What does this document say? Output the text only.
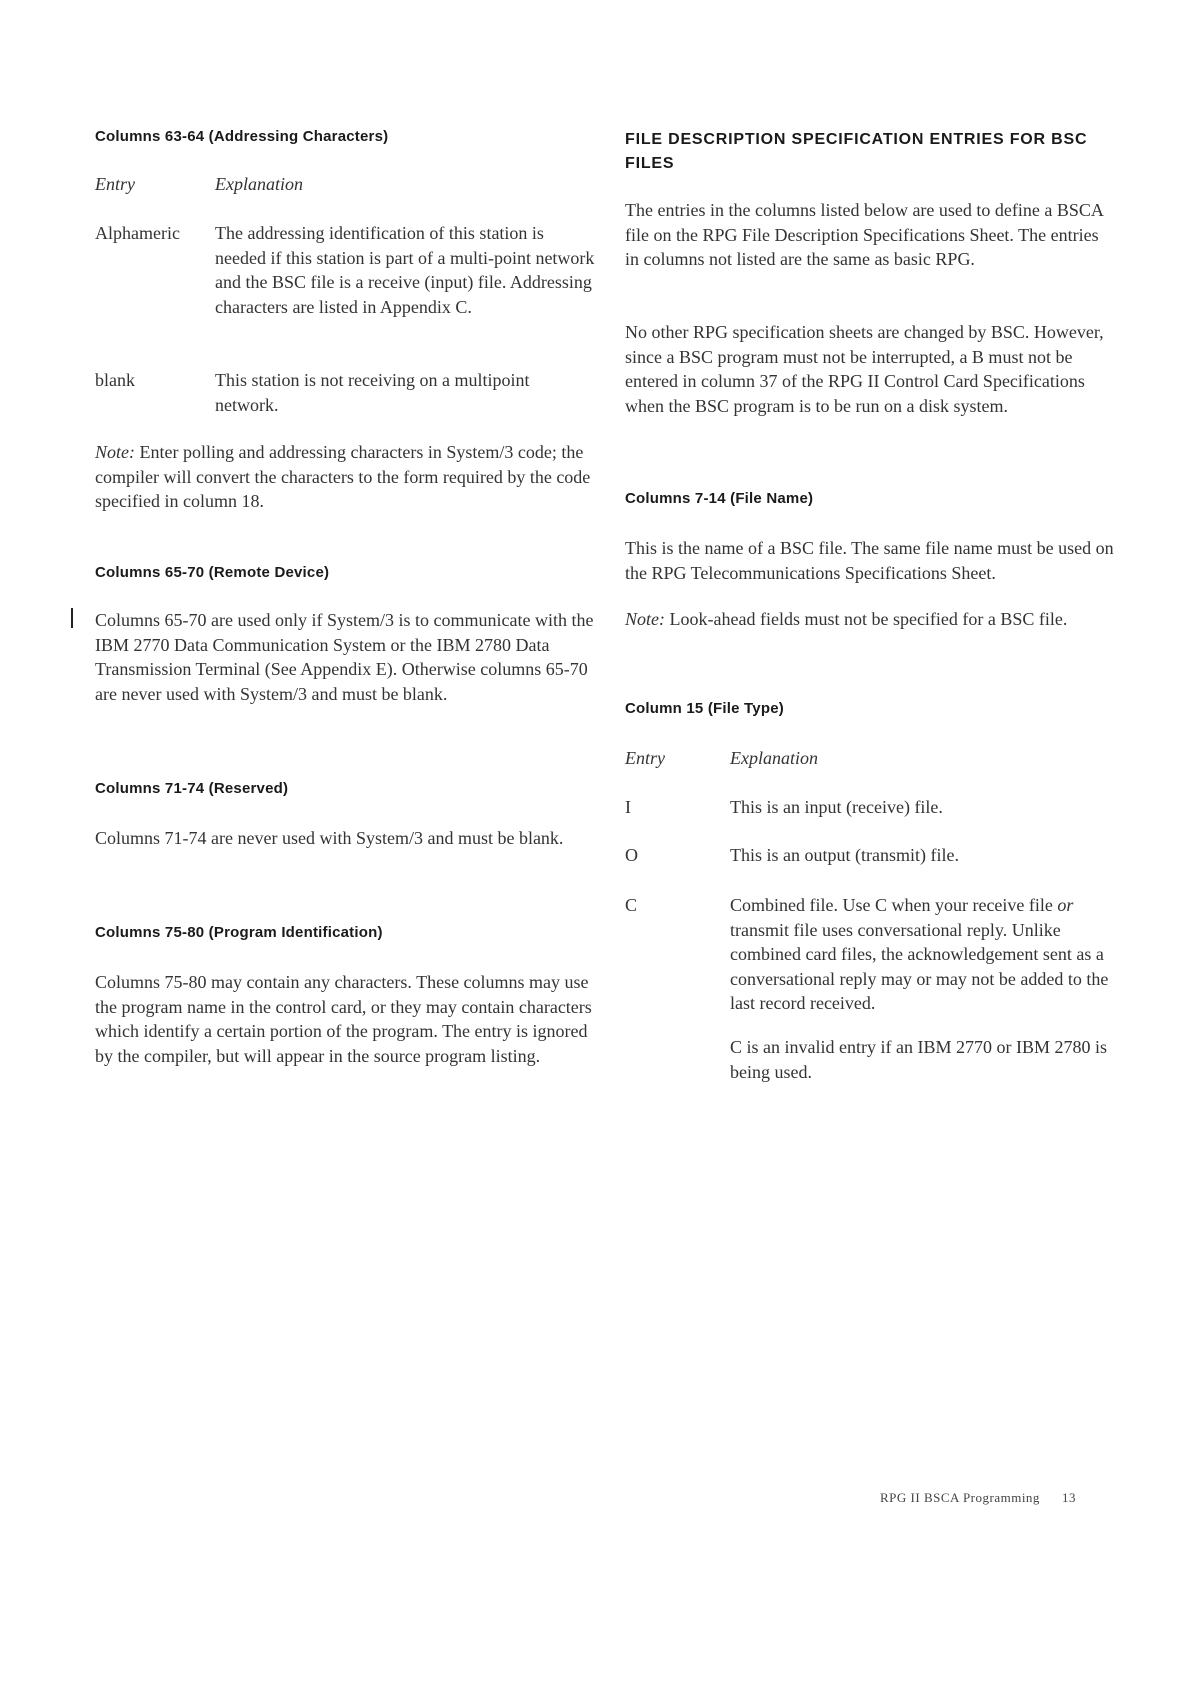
Columns 63-64 (Addressing Characters)
Entry	Explanation
Alphameric	The addressing identification of this station is needed if this station is part of a multi-point network and the BSC file is a receive (input) file. Addressing characters are listed in Appendix C.

blank	This station is not receiving on a multipoint network.

Note: Enter polling and addressing characters in System/3 code; the compiler will convert the characters to the form required by the code specified in column 18.

Columns 65-70 (Remote Device)

Columns 65-70 are used only if System/3 is to communicate with the IBM 2770 Data Communication System or the IBM 2780 Data Transmission Terminal (See Appendix E). Otherwise columns 65-70 are never used with System/3 and must be blank.

Columns 71-74 (Reserved)

Columns 71-74 are never used with System/3 and must be blank.

Columns 75-80 (Program Identification)

Columns 75-80 may contain any characters. These columns may use the program name in the control card, or they may contain characters which identify a certain portion of the program. The entry is ignored by the compiler, but will appear in the source program listing.

FILE DESCRIPTION SPECIFICATION ENTRIES FOR BSC FILES

The entries in the columns listed below are used to define a BSCA file on the RPG File Description Specifications Sheet. The entries in columns not listed are the same as basic RPG.

No other RPG specification sheets are changed by BSC. However, since a BSC program must not be interrupted, a B must not be entered in column 37 of the RPG II Control Card Specifications when the BSC program is to be run on a disk system.

Columns 7-14 (File Name)

This is the name of a BSC file. The same file name must be used on the RPG Telecommunications Specifications Sheet.

Note: Look-ahead fields must not be specified for a BSC file.

Column 15 (File Type)
Entry	Explanation
I	This is an input (receive) file.

O	This is an output (transmit) file.

C	Combined file. Use C when your receive file or transmit file uses conversational reply. Unlike combined card files, the acknowledgement sent as a conversational reply may or may not be added to the last record received.

C is an invalid entry if an IBM 2770 or IBM 2780 is being used.

RPG II BSCA Programming 13
